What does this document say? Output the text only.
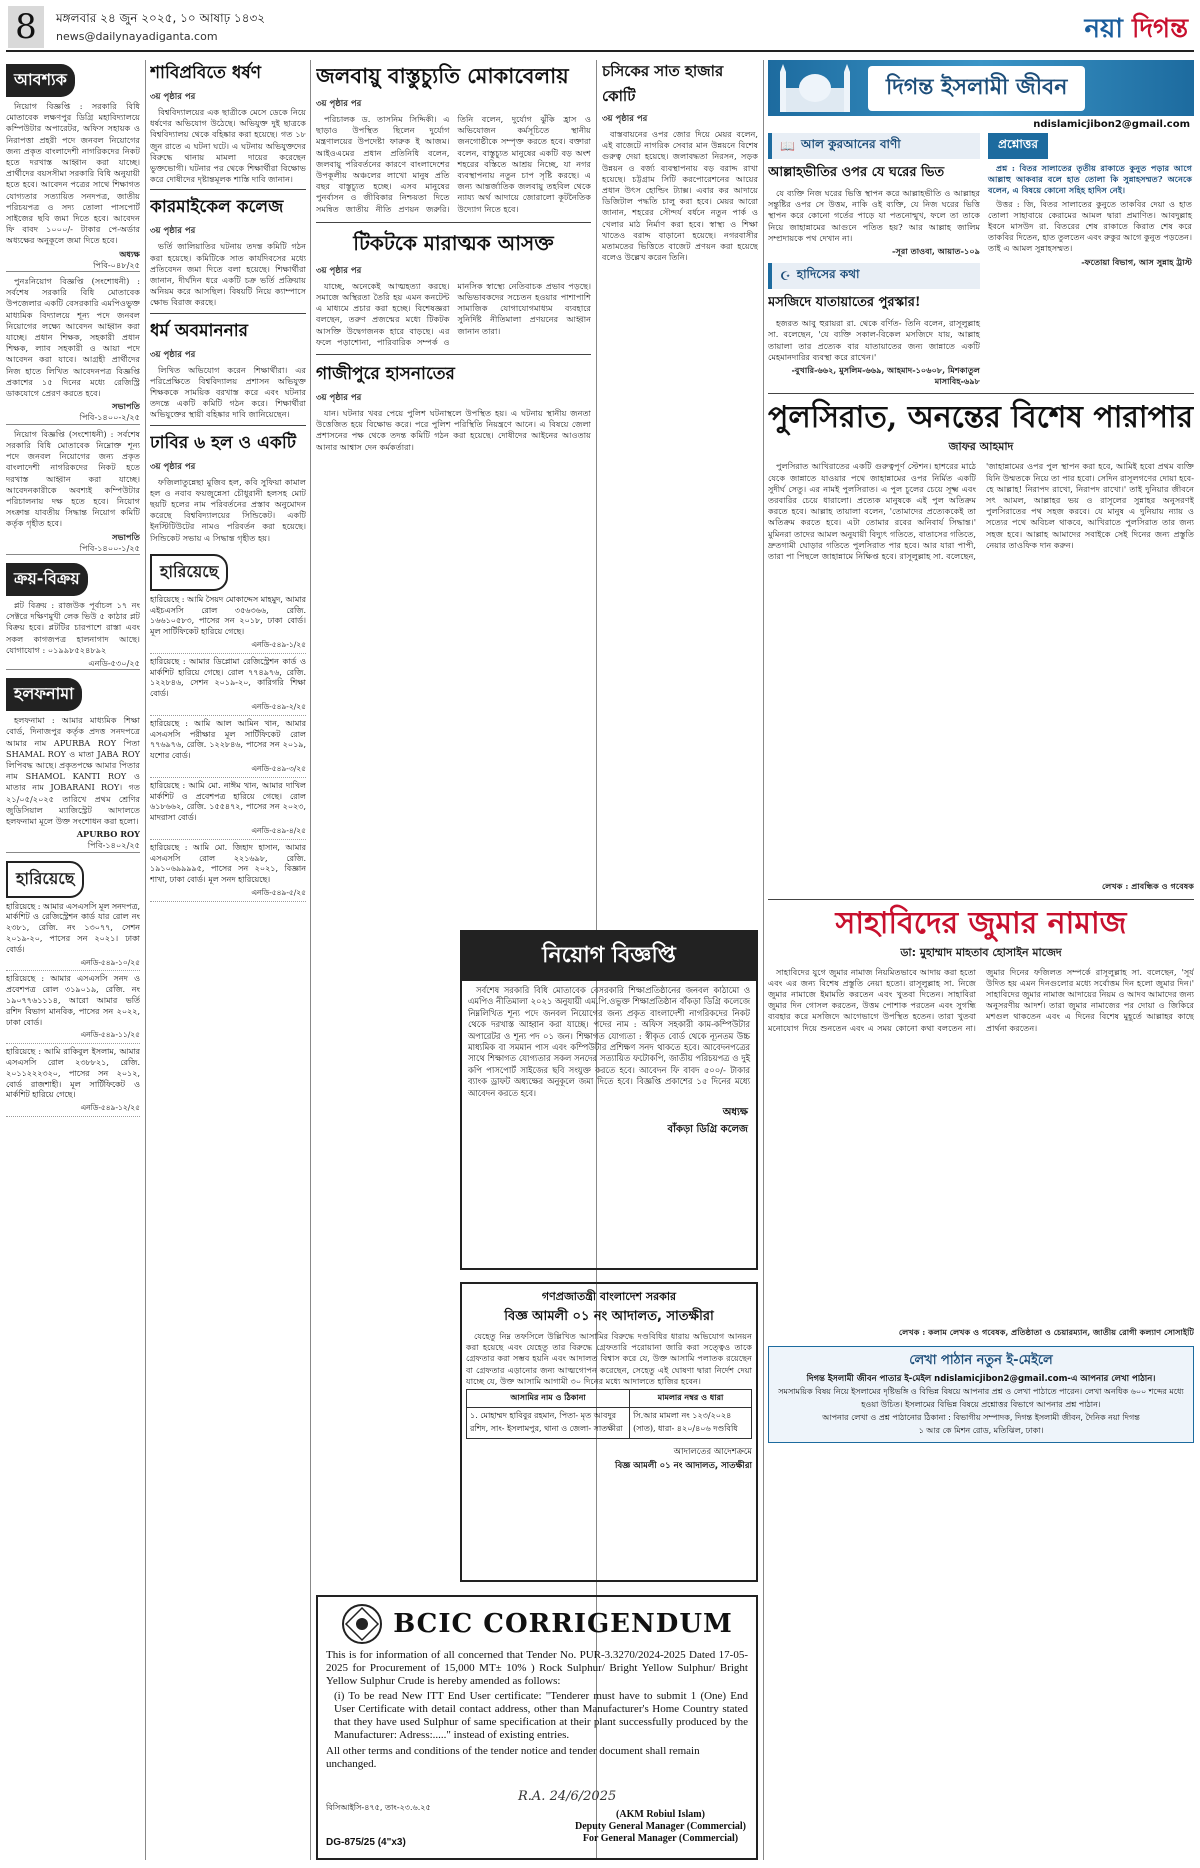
8	মঙ্গলবার ২৪ জুন ২০২৫, ১০ আষাঢ় ১৪৩২
news@dailynayadiganta.com	নয়া দিগন্ত
আবশ্যক

নিয়োগ বিজ্ঞপ্তি : সরকারি বিধি মোতাবেক লক্ষণপুর ডিগ্রি মহাবিদ্যালয়ে কম্পিউটার অপারেটর, অফিস সহায়ক ও নিরাপত্তা প্রহরী পদে জনবল নিয়োগের জন্য প্রকৃত বাংলাদেশী নাগরিকদের নিকট হতে দরখাস্ত আহ্বান করা যাচ্ছে। প্রার্থীদের বয়সসীমা সরকারি বিধি অনুযায়ী হতে হবে। আবেদন পত্রের সাথে শিক্ষাগত যোগ্যতার সত্যায়িত সনদপত্র, জাতীয় পরিচয়পত্র ও সদ্য তোলা পাসপোর্ট সাইজের ছবি জমা দিতে হবে। আবেদন ফি বাবদ ১০০০/- টাকার পে-অর্ডার অধ্যক্ষের অনুকূলে জমা দিতে হবে।

অধ্যক্ষ
পিবি-০৪৮/২৫

পুনঃনিয়োগ বিজ্ঞপ্তি (সংশোধনী) : সর্বশেষ সরকারি বিধি মোতাবেক উপজেলার একটি বেসরকারি এমপিওভুক্ত মাধ্যমিক বিদ্যালয়ে শূন্য পদে জনবল নিয়োগের লক্ষ্যে আবেদন আহ্বান করা যাচ্ছে। প্রধান শিক্ষক, সহকারী প্রধান শিক্ষক, ল্যাব সহকারী ও আয়া পদে আবেদন করা যাবে। আগ্রহী প্রার্থীদের নিজ হাতে লিখিত আবেদনপত্র বিজ্ঞপ্তি প্রকাশের ১৫ দিনের মধ্যে রেজিস্ট্রি ডাকযোগে প্রেরণ করতে হবে।

সভাপতি
পিবি-১৪০০-২/২৫

নিয়োগ বিজ্ঞপ্তি (সংশোধনী) : সর্বশেষ সরকারি বিধি মোতাবেক নিম্নোক্ত শূন্য পদে জনবল নিয়োগের জন্য প্রকৃত বাংলাদেশী নাগরিকদের নিকট হতে দরখাস্ত আহ্বান করা যাচ্ছে। আবেদনকারীকে অবশ্যই কম্পিউটার পরিচালনায় দক্ষ হতে হবে। নিয়োগ সংক্রান্ত যাবতীয় সিদ্ধান্ত নিয়োগ কমিটি কর্তৃক গৃহীত হবে।

সভাপতি
পিবি-১৪০০-১/২৫
ক্রয়-বিক্রয়

প্লট বিক্রয় : রাজউক পূর্বাচল ১৭ নং সেক্টরে দক্ষিণমুখী লেক ভিউ ৫ কাঠার প্লট বিক্রয় হবে। প্লটটির চারপাশে রাস্তা এবং সকল কাগজপত্র হালনাগাদ আছে। যোগাযোগ : ০১৯৯৮৫২৪৮৯২

এনডি-৫৩০/২৫
হলফনামা

হলফনামা : আমার মাধ্যমিক শিক্ষা বোর্ড, দিনাজপুর কর্তৃক প্রদত্ত সনদপত্রে আমার নাম APURBA ROY পিতা SHAMAL ROY ও মাতা JABA ROY লিপিবদ্ধ আছে। প্রকৃতপক্ষে আমার পিতার নাম SHAMOL KANTI ROY ও মাতার নাম JOBARANI ROY। গত ২১/০৫/২০২৫ তারিখে প্রথম শ্রেণির জুডিসিয়াল ম্যাজিস্ট্রেট আদালতে হলফনামা মূলে উক্ত সংশোধন করা হলো।

APURBO ROY
পিবি-১৪০২/২৫
হারিয়েছে

হারিয়েছে : আমার এসএসসি মূল সনদপত্র, মার্কশিট ও রেজিস্ট্রেশন কার্ড যার রোল নং ২৩৮১, রেজি. নং ১৩০৭৭, সেশন ২০১৯-২০, পাসের সন ২০২১। ঢাকা বোর্ড।

এনডি-৫৪৯-১০/২৫

হারিয়েছে : আমার এসএসসি সনদ ও প্রবেশপত্র রোল ৩১৯০১৯, রেজি. নং ১৯০৭৭৬১১১৪, আরো আমার ভর্তি রশিদ বিভাগ মানবিক, পাসের সন ২০২২, ঢাকা বোর্ড।

এনডি-৫৪৯-১১/২৫

হারিয়েছে : আমি রাকিবুল ইসলাম, আমার এসএসসি রোল ২৩৮৮২১, রেজি. ২০১১২২২৩২০, পাসের সন ২০১২, বোর্ড রাজশাহী। মূল সার্টিফিকেট ও মার্কশিট হারিয়ে গেছে।

এনডি-৫৪৯-১২/২৫
শাবিপ্রবিতে ধর্ষণ
৩য় পৃষ্ঠার পর

বিশ্ববিদ্যালয়ের এক ছাত্রীকে মেসে ডেকে নিয়ে ধর্ষণের অভিযোগ উঠেছে। অভিযুক্ত দুই ছাত্রকে বিশ্ববিদ্যালয় থেকে বহিষ্কার করা হয়েছে। গত ১৮ জুন রাতে এ ঘটনা ঘটে। এ ঘটনায় অভিযুক্তদের বিরুদ্ধে থানায় মামলা দায়ের করেছেন ভুক্তভোগী। ঘটনার পর থেকে শিক্ষার্থীরা বিক্ষোভ করে দোষীদের দৃষ্টান্তমূলক শাস্তি দাবি জানান।

কারমাইকেল কলেজ
৩য় পৃষ্ঠার পর

ভর্তি জালিয়াতির ঘটনায় তদন্ত কমিটি গঠন করা হয়েছে। কমিটিকে সাত কার্যদিবসের মধ্যে প্রতিবেদন জমা দিতে বলা হয়েছে। শিক্ষার্থীরা জানান, দীর্ঘদিন ধরে একটি চক্র ভর্তি প্রক্রিয়ায় অনিয়ম করে আসছিল। বিষয়টি নিয়ে ক্যাম্পাসে ক্ষোভ বিরাজ করছে।

ধর্ম অবমাননার
৩য় পৃষ্ঠার পর

লিখিত অভিযোগ করেন শিক্ষার্থীরা। এর পরিপ্রেক্ষিতে বিশ্ববিদ্যালয় প্রশাসন অভিযুক্ত শিক্ষককে সাময়িক বরখাস্ত করে এবং ঘটনার তদন্তে একটি কমিটি গঠন করে। শিক্ষার্থীরা অভিযুক্তের স্থায়ী বহিষ্কার দাবি জানিয়েছেন।

ঢাবির ৬ হল ও একটি
৩য় পৃষ্ঠার পর

ফজিলাতুন্নেছা মুজিব হল, কবি সুফিয়া কামাল হল ও নবাব ফয়জুন্নেসা চৌধুরানী হলসহ মোট ছয়টি হলের নাম পরিবর্তনের প্রস্তাব অনুমোদন করেছে বিশ্ববিদ্যালয়ের সিন্ডিকেট। একটি ইনস্টিটিউটের নামও পরিবর্তন করা হয়েছে। সিন্ডিকেট সভায় এ সিদ্ধান্ত গৃহীত হয়।

হারিয়েছে

হারিয়েছে : আমি সৈয়দ মোকাদ্দেস মাহমুদ, আমার এইচএসসি রোল ৩৫৬৩৬৬, রেজি. ১৬৬১০৫৮৩, পাসের সন ২০১৮, ঢাকা বোর্ড। মূল সার্টিফিকেট হারিয়ে গেছে।

এনডি-৫৪৯-১/২৫

হারিয়েছে : আমার ডিপ্লোমা রেজিস্ট্রেশন কার্ড ও মার্কশিট হারিয়ে গেছে। রোল ৭৭৪৯৭৬, রেজি. ১২২৮৪৬, সেশন ২০১৯-২০, কারিগরি শিক্ষা বোর্ড।

এনডি-৫৪৯-২/২৫

হারিয়েছে : আমি আল আমিন খান, আমার এসএসসি পরীক্ষার মূল সার্টিফিকেট রোল ৭৭৬৯৭৬, রেজি. ১২২৮৪৬, পাসের সন ২০১৯, যশোর বোর্ড।

এনডি-৫৪৯-৩/২৫

হারিয়েছে : আমি মো. নাঈম খান, আমার দাখিল মার্কশিট ও প্রবেশপত্র হারিয়ে গেছে। রোল ৬১৮৬৬২, রেজি. ১৫৫৪৭২, পাসের সন ২০২৩, মাদরাসা বোর্ড।

এনডি-৫৪৯-৪/২৫

হারিয়েছে : আমি মো. জিহাদ হাসান, আমার এসএসসি রোল ২২১৬৯৮, রেজি. ১৯১০৬৯৯৯৯৫, পাসের সন ২০২১, বিজ্ঞান শাখা, ঢাকা বোর্ড। মূল সনদ হারিয়েছে।

এনডি-৫৪৯-৫/২৫
জলবায়ু বাস্তুচ্যুতি মোকাবেলায়
৩য় পৃষ্ঠার পর

পরিচালক ড. তাসনিম সিদ্দিকী। এ ছাড়াও উপস্থিত ছিলেন দুর্যোগ মন্ত্রণালয়ের উপদেষ্টা ফারুক ই আজম। আইওএমের প্রধান প্রতিনিধি বলেন, জলবায়ু পরিবর্তনের কারণে বাংলাদেশের উপকূলীয় অঞ্চলের লাখো মানুষ প্রতি বছর বাস্তুচ্যুত হচ্ছে। এসব মানুষের পুনর্বাসন ও জীবিকার নিশ্চয়তা দিতে সমন্বিত জাতীয় নীতি প্রণয়ন জরুরি। তিনি বলেন, দুর্যোগ ঝুঁকি হ্রাস ও অভিযোজন কর্মসূচিতে স্থানীয় জনগোষ্ঠীকে সম্পৃক্ত করতে হবে। বক্তারা বলেন, বাস্তুচ্যুত মানুষের একটি বড় অংশ শহরের বস্তিতে আশ্রয় নিচ্ছে, যা নগর ব্যবস্থাপনায় নতুন চাপ সৃষ্টি করছে। এ জন্য আন্তর্জাতিক জলবায়ু তহবিল থেকে ন্যায্য অর্থ আদায়ে জোরালো কূটনৈতিক উদ্যোগ নিতে হবে।

টিকটকে মারাত্মক আসক্ত
৩য় পৃষ্ঠার পর

যাচ্ছে, অনেকেই আত্মহত্যা করছে। সমাজে অস্থিরতা তৈরি হয় এমন কনটেন্ট এ মাধ্যমে প্রচার করা হচ্ছে। বিশেষজ্ঞরা বলছেন, তরুণ প্রজন্মের মধ্যে টিকটক আসক্তি উদ্বেগজনক হারে বাড়ছে। এর ফলে পড়াশোনা, পারিবারিক সম্পর্ক ও মানসিক স্বাস্থ্যে নেতিবাচক প্রভাব পড়ছে। অভিভাবকদের সচেতন হওয়ার পাশাপাশি সামাজিক যোগাযোগমাধ্যম ব্যবহারে সুনির্দিষ্ট নীতিমালা প্রণয়নের আহ্বান জানান তারা।

গাজীপুরে হাসনাতের
৩য় পৃষ্ঠার পর

যান। ঘটনার খবর পেয়ে পুলিশ ঘটনাস্থলে উপস্থিত হয়। এ ঘটনায় স্থানীয় জনতা উত্তেজিত হয়ে বিক্ষোভ করে। পরে পুলিশ পরিস্থিতি নিয়ন্ত্রণে আনে। এ বিষয়ে জেলা প্রশাসনের পক্ষ থেকে তদন্ত কমিটি গঠন করা হয়েছে। দোষীদের আইনের আওতায় আনার আশ্বাস দেন কর্মকর্তারা।

চসিকের সাত হাজার কোটি
৩য় পৃষ্ঠার পর

বাস্তবায়নের ওপর জোর দিয়ে মেয়র বলেন, এই বাজেটে নাগরিক সেবার মান উন্নয়নে বিশেষ গুরুত্ব দেয়া হয়েছে। জলাবদ্ধতা নিরসন, সড়ক উন্নয়ন ও বর্জ্য ব্যবস্থাপনায় বড় বরাদ্দ রাখা হয়েছে। চট্টগ্রাম সিটি করপোরেশনের আয়ের প্রধান উৎস হোল্ডিং ট্যাক্স। এবার কর আদায়ে ডিজিটাল পদ্ধতি চালু করা হবে। মেয়র আরো জানান, শহরের সৌন্দর্য বর্ধনে নতুন পার্ক ও খেলার মাঠ নির্মাণ করা হবে। স্বাস্থ্য ও শিক্ষা খাতেও বরাদ্দ বাড়ানো হয়েছে। নগরবাসীর মতামতের ভিত্তিতে বাজেট প্রণয়ন করা হয়েছে বলেও উল্লেখ করেন তিনি।

নিয়োগ বিজ্ঞপ্তি

সর্বশেষ সরকারি বিধি মোতাবেক বেসরকারি শিক্ষাপ্রতিষ্ঠানের জনবল কাঠামো ও এমপিও নীতিমালা ২০২১ অনুযায়ী এম.পি.ওভুক্ত শিক্ষাপ্রতিষ্ঠান বাঁকড়া ডিগ্রি কলেজে নিম্নলিখিত শূন্য পদে জনবল নিয়োগের জন্য প্রকৃত বাংলাদেশী নাগরিকদের নিকট থেকে দরখাস্ত আহ্বান করা যাচ্ছে। পদের নাম : অফিস সহকারী কাম-কম্পিউটার অপারেটর ও শূন্য পদ ০১ জন। শিক্ষাগত যোগ্যতা : স্বীকৃত বোর্ড থেকে ন্যূনতম উচ্চ মাধ্যমিক বা সমমান পাস এবং কম্পিউটার প্রশিক্ষণ সনদ থাকতে হবে। আবেদনপত্রের সাথে শিক্ষাগত যোগ্যতার সকল সনদের সত্যায়িত ফটোকপি, জাতীয় পরিচয়পত্র ও দুই কপি পাসপোর্ট সাইজের ছবি সংযুক্ত করতে হবে। আবেদন ফি বাবদ ৫০০/- টাকার ব্যাংক ড্রাফট অধ্যক্ষের অনুকূলে জমা দিতে হবে। বিজ্ঞপ্তি প্রকাশের ১৫ দিনের মধ্যে আবেদন করতে হবে।

অধ্যক্ষ
বাঁকড়া ডিগ্রি কলেজ
গণপ্রজাতন্ত্রী বাংলাদেশ সরকার
বিজ্ঞ আমলী ০১ নং আদালত, সাতক্ষীরা

যেহেতু নিম্ন তফসিলে উল্লিখিত আসামির বিরুদ্ধে দণ্ডবিধির ধারায় অভিযোগ আনয়ন করা হয়েছে এবং যেহেতু তার বিরুদ্ধে গ্রেফতারি পরোয়ানা জারি করা সত্ত্বেও তাকে গ্রেফতার করা সম্ভব হয়নি এবং আদালত বিশ্বাস করে যে, উক্ত আসামি পলাতক রয়েছেন বা গ্রেফতার এড়ানোর জন্য আত্মগোপন করেছেন, সেহেতু এই ঘোষণা দ্বারা নির্দেশ দেয়া যাচ্ছে যে, উক্ত আসামি আগামী ৩০ দিনের মধ্যে আদালতে হাজির হবেন।

আসামির নাম ও ঠিকানা	মামলার নম্বর ও ধারা
১. মোহাম্মদ হাবিবুর রহমান, পিতা- মৃত আবদুর রশিদ, সাং- ইসলামপুর, থানা ও জেলা- সাতক্ষীরা	সি.আর মামলা নং ১২৩/২০২৪ (সাত), ধারা- ৪২০/৪০৬ দণ্ডবিধি
আদালতের আদেশক্রমে
বিজ্ঞ আমলী ০১ নং আদালত, সাতক্ষীরা
BCIC CORRIGENDUM
This is for information of all concerned that Tender No. PUR-3.3270/2024-2025 Dated 17-05-2025 for Procurement of 15,000 MT± 10% ) Rock Sulphur/ Bright Yellow Sulphur/ Bright Yellow Sulphur Crude is hereby amended as follows:
(i) To be read New ITT End User certificate: "Tenderer must have to submit 1 (One) End User Certificate with detail contact address, other than Manufacturer's Home Country stated that they have used Sulphur of same specification at their plant successfully produced by the Manufacturer: Adress:....." instead of existing entries.
All other terms and conditions of the tender notice and tender document shall remain unchanged.
R.A. 24/6/2025
বিসিআইসি-৪৭৫, তাং-২৩.৬.২৫
DG-875/25 (4"x3)
(AKM Robiul Islam)
Deputy General Manager (Commercial)
For General Manager (Commercial)
দিগন্ত ইসলামী জীবন
ndislamicjibon2@gmail.com
📖 আল কুরআনের বাণী
আল্লাহভীতির ওপর যে ঘরের ভিত

যে ব্যক্তি নিজ ঘরের ভিত্তি স্থাপন করে আল্লাহভীতি ও আল্লাহর সন্তুষ্টির ওপর সে উত্তম, নাকি ওই ব্যক্তি, যে নিজ ঘরের ভিত্তি স্থাপন করে কোনো গর্তের পাড়ে যা পতনোন্মুখ, ফলে তা তাকে নিয়ে জাহান্নামের আগুনে পতিত হয়? আর আল্লাহ জালিম সম্প্রদায়কে পথ দেখান না।

-সূরা তাওবা, আয়াত-১০৯
☪ হাদিসের কথা
মসজিদে যাতায়াতের পুরস্কার!

হজরত আবু হুরায়রা রা. থেকে বর্ণিত- তিনি বলেন, রাসূলুল্লাহ সা. বলেছেন, 'যে ব্যক্তি সকাল-বিকেল মসজিদে যায়, আল্লাহ তায়ালা তার প্রত্যেক বার যাতায়াতের জন্য জান্নাতে একটি মেহমানদারির ব্যবস্থা করে রাখেন।'

-বুখারি-৬৬২, মুসলিম-৬৬৯, আহমাদ-১০৬০৮, মিশকাতুল মাসাবিহ-৬৯৮
প্রশ্নোত্তর

প্রশ্ন : বিতর সালাতের তৃতীয় রাকাতে কুনুত পড়ার আগে আল্লাহু আকবার বলে হাত তোলা কি সুন্নাহসম্মত? অনেকে বলেন, এ বিষয়ে কোনো সহিহ হাদিস নেই।

উত্তর : জি, বিতর সালাতের কুনুতে তাকবির দেয়া ও হাত তোলা সাহাবায়ে কেরামের আমল দ্বারা প্রমাণিত। আবদুল্লাহ ইবনে মাসউদ রা. বিতরের শেষ রাকাতে কিরাত শেষ করে তাকবির দিতেন, হাত তুলতেন এবং রুকুর আগে কুনুত পড়তেন। তাই এ আমল সুন্নাহসম্মত।

-ফতোয়া বিভাগ, আস সুন্নাহ ট্রাস্ট
পুলসিরাত, অনন্তের বিশেষ পারাপার
জাফর আহমাদ

পুলসিরাত আখিরাতের একটি গুরুত্বপূর্ণ স্টেশন। হাশরের মাঠে যেকে জান্নাতে যাওয়ার পথে জাহান্নামের ওপর নির্মিত একটি সুদীর্ঘ সেতু। এর নামই পুলসিরাত। এ পুল চুলের চেয়ে সূক্ষ্ম এবং তরবারির চেয়ে ধারালো। প্রত্যেক মানুষকে এই পুল অতিক্রম করতে হবে। আল্লাহ তায়ালা বলেন, 'তোমাদের প্রত্যেককেই তা অতিক্রম করতে হবে। এটা তোমার রবের অনিবার্য সিদ্ধান্ত।' মুমিনরা তাদের আমল অনুযায়ী বিদ্যুৎ গতিতে, বাতাসের গতিতে, দ্রুতগামী ঘোড়ার গতিতে পুলসিরাত পার হবে। আর যারা পাপী, তারা পা পিছলে জাহান্নামে নিক্ষিপ্ত হবে। রাসূলুল্লাহ সা. বলেছেন, 'জাহান্নামের ওপর পুল স্থাপন করা হবে, আমিই হবো প্রথম ব্যক্তি যিনি উম্মতকে নিয়ে তা পার হবো। সেদিন রাসূলগণের দোয়া হবে- হে আল্লাহ! নিরাপদ রাখো, নিরাপদ রাখো।' তাই দুনিয়ার জীবনে সৎ আমল, আল্লাহর ভয় ও রাসূলের সুন্নাহর অনুসরণই পুলসিরাতের পথ সহজ করবে। যে মানুষ এ দুনিয়ায় ন্যায় ও সত্যের পথে অবিচল থাকবে, আখিরাতে পুলসিরাত তার জন্য সহজ হবে। আল্লাহ আমাদের সবাইকে সেই দিনের জন্য প্রস্তুতি নেয়ার তাওফিক দান করুন।

লেখক : প্রাবন্ধিক ও গবেষক
সাহাবিদের জুমার নামাজ
ডা: মুহাম্মাদ মাহতাব হোসাইন মাজেদ

সাহাবিদের যুগে জুমার নামাজ নিয়মিতভাবে আদায় করা হতো এবং এর জন্য বিশেষ প্রস্তুতি নেয়া হতো। রাসূলুল্লাহ সা. নিজে জুমার নামাজে ইমামতি করতেন এবং খুতবা দিতেন। সাহাবিরা জুমার দিন গোসল করতেন, উত্তম পোশাক পরতেন এবং সুগন্ধি ব্যবহার করে মসজিদে আগেভাগে উপস্থিত হতেন। তারা খুতবা মনোযোগ দিয়ে শুনতেন এবং এ সময় কোনো কথা বলতেন না। জুমার দিনের ফজিলত সম্পর্কে রাসূলুল্লাহ সা. বলেছেন, 'সূর্য উদিত হয় এমন দিনগুলোর মধ্যে সর্বোত্তম দিন হলো জুমার দিন।' সাহাবিদের জুমার নামাজ আদায়ের নিয়ম ও আদব আমাদের জন্য অনুসরণীয় আদর্শ। তারা জুমার নামাজের পর দোয়া ও জিকিরে মশগুল থাকতেন এবং এ দিনের বিশেষ মুহূর্তে আল্লাহর কাছে প্রার্থনা করতেন।

লেখক : কলাম লেখক ও গবেষক, প্রতিষ্ঠাতা ও চেয়ারম্যান, জাতীয় রোগী কল্যাণ সোসাইটি
লেখা পাঠান নতুন ই-মেইলে
দিগন্ত ইসলামী জীবন পাতার ই-মেইল ndislamicjibon2@gmail.com-এ আপনার লেখা পাঠান।
সমসাময়িক বিষয় নিয়ে ইসলামের দৃষ্টিভঙ্গি ও বিভিন্ন বিষয়ে আপনার প্রশ্ন ও লেখা পাঠাতে পারেন। লেখা অনধিক ৬০০ শব্দের মধ্যে হওয়া উচিত। ইসলামের বিভিন্ন বিষয়ে প্রশ্নোত্তর বিভাগে আপনার প্রশ্ন পাঠান।
আপনার লেখা ও প্রশ্ন পাঠানোর ঠিকানা : বিভাগীয় সম্পাদক, দিগন্ত ইসলামী জীবন, দৈনিক নয়া দিগন্ত
১ আর কে মিশন রোড, মতিঝিল, ঢাকা।
